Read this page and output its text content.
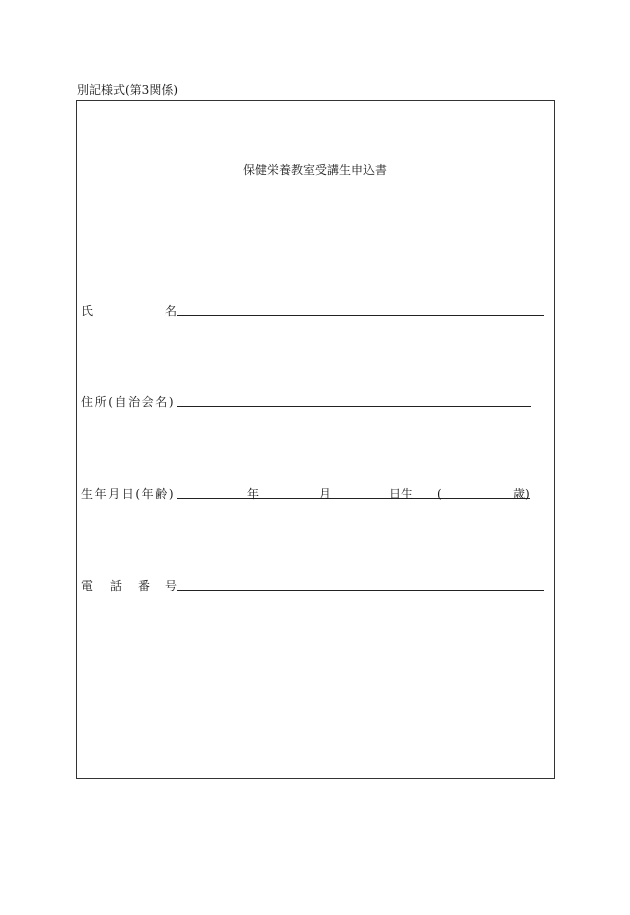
別記様式(第3関係)
保健栄養教室受講生申込書
氏	名
住所(自治会名)
生年月日(年齢)	年	月	日生 (	歳)
電 話 番 号
